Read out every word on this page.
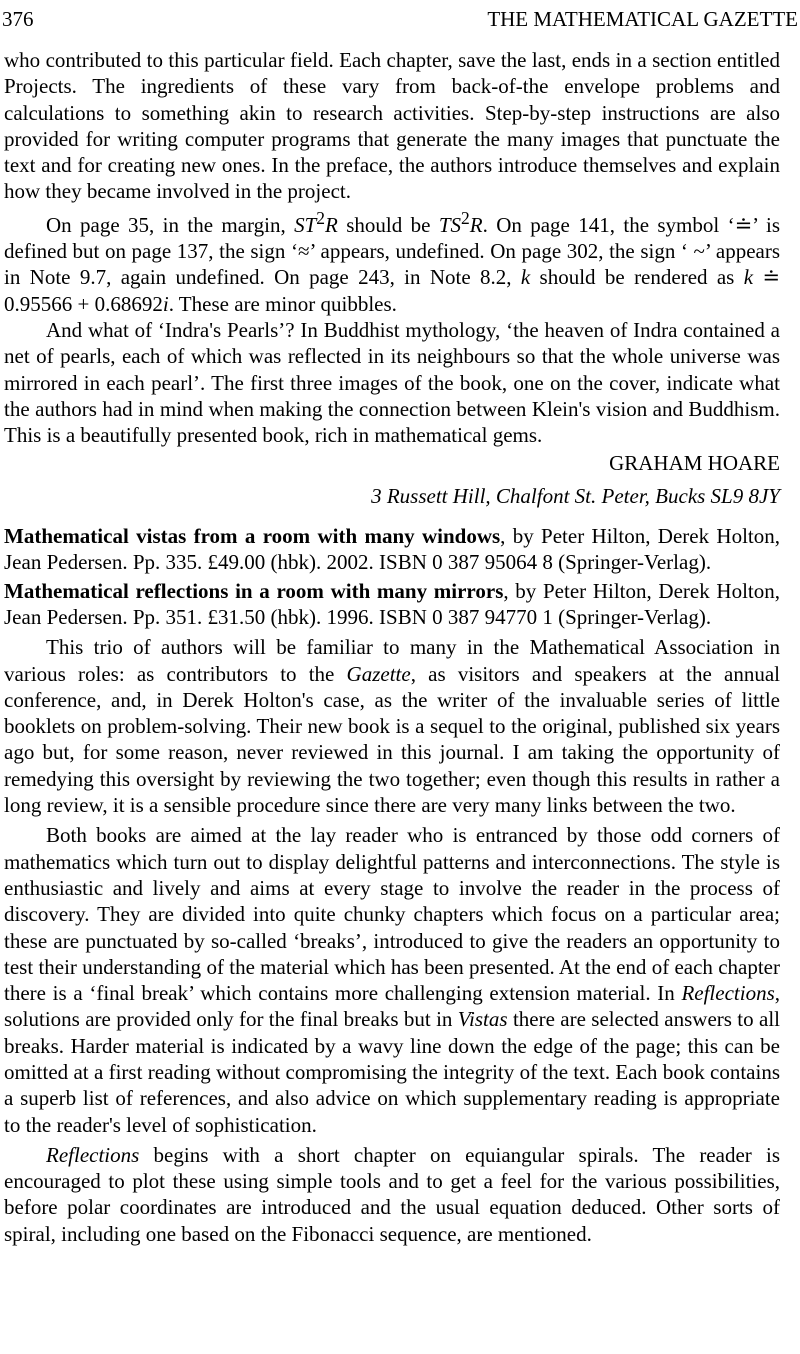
376	THE MATHEMATICAL GAZETTE

who contributed to this particular field. Each chapter, save the last, ends in a section entitled Projects. The ingredients of these vary from back-of-the envelope problems and calculations to something akin to research activities. Step-by-step instructions are also provided for writing computer programs that generate the many images that punctuate the text and for creating new ones. In the preface, the authors introduce themselves and explain how they became involved in the project.

On page 35, in the margin, $ST^2R$ should be $TS^2R$. On page 141, the symbol ‘≐’ is defined but on page 137, the sign ‘≈’ appears, undefined. On page 302, the sign ‘ ~’ appears in Note 9.7, again undefined. On page 243, in Note 8.2, k should be rendered as k ≐ 0.95566 + 0.68692i. These are minor quibbles.

And what of ‘Indra's Pearls’? In Buddhist mythology, ‘the heaven of Indra contained a net of pearls, each of which was reflected in its neighbours so that the whole universe was mirrored in each pearl’. The first three images of the book, one on the cover, indicate what the authors had in mind when making the connection between Klein's vision and Buddhism. This is a beautifully presented book, rich in mathematical gems.

GRAHAM HOARE

3 Russett Hill, Chalfont St. Peter, Bucks SL9 8JY

Mathematical vistas from a room with many windows, by Peter Hilton, Derek Holton, Jean Pedersen. Pp. 335. £49.00 (hbk). 2002. ISBN 0 387 95064 8 (Springer-Verlag).

Mathematical reflections in a room with many mirrors, by Peter Hilton, Derek Holton, Jean Pedersen. Pp. 351. £31.50 (hbk). 1996. ISBN 0 387 94770 1 (Springer-Verlag).

This trio of authors will be familiar to many in the Mathematical Association in various roles: as contributors to the Gazette, as visitors and speakers at the annual conference, and, in Derek Holton's case, as the writer of the invaluable series of little booklets on problem-solving. Their new book is a sequel to the original, published six years ago but, for some reason, never reviewed in this journal. I am taking the opportunity of remedying this oversight by reviewing the two together; even though this results in rather a long review, it is a sensible procedure since there are very many links between the two.

Both books are aimed at the lay reader who is entranced by those odd corners of mathematics which turn out to display delightful patterns and interconnections. The style is enthusiastic and lively and aims at every stage to involve the reader in the process of discovery. They are divided into quite chunky chapters which focus on a particular area; these are punctuated by so-called ‘breaks’, introduced to give the readers an opportunity to test their understanding of the material which has been presented. At the end of each chapter there is a ‘final break’ which contains more challenging extension material. In Reflections, solutions are provided only for the final breaks but in Vistas there are selected answers to all breaks. Harder material is indicated by a wavy line down the edge of the page; this can be omitted at a first reading without compromising the integrity of the text. Each book contains a superb list of references, and also advice on which supplementary reading is appropriate to the reader's level of sophistication.

Reflections begins with a short chapter on equiangular spirals. The reader is encouraged to plot these using simple tools and to get a feel for the various possibilities, before polar coordinates are introduced and the usual equation deduced. Other sorts of spiral, including one based on the Fibonacci sequence, are mentioned.
